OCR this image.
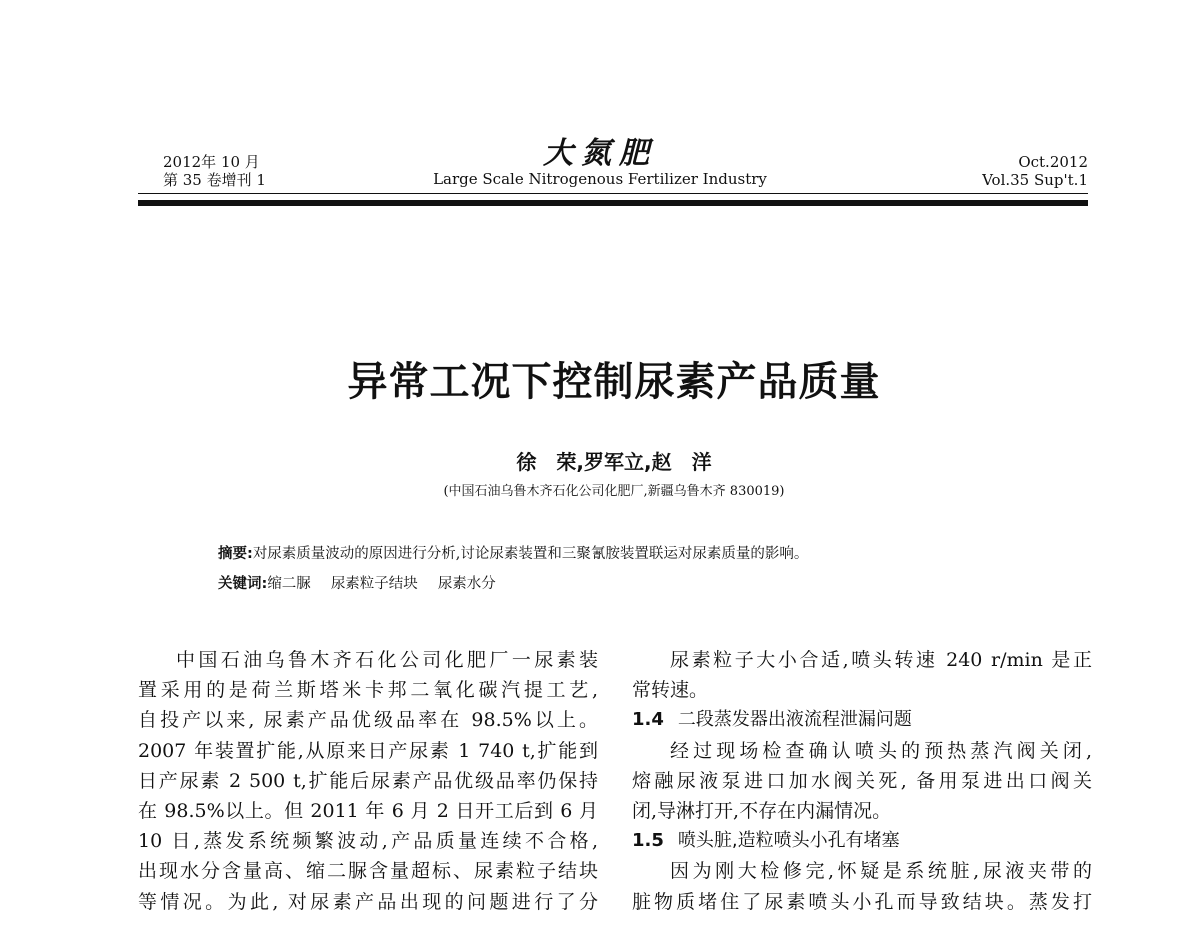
2012年 10 月
第 35 卷增刊 1
大氮肥
Large Scale Nitrogenous Fertilizer Industry
Oct.2012
Vol.35 Sup't.1
异常工况下控制尿素产品质量
徐　荣,罗军立,赵　洋
(中国石油乌鲁木齐石化公司化肥厂,新疆乌鲁木齐 830019)
摘要:对尿素质量波动的原因进行分析,讨论尿素装置和三聚氰胺装置联运对尿素质量的影响。
关键词:缩二脲 尿素粒子结块 尿素水分

中国石油乌鲁木齐石化公司化肥厂一尿素装

置采用的是荷兰斯塔米卡邦二氧化碳汽提工艺,

自投产以来, 尿素产品优级品率在 98.5%以上。

2007 年装置扩能,从原来日产尿素 1 740 t,扩能到

日产尿素 2 500 t,扩能后尿素产品优级品率仍保持

在 98.5%以上。但 2011 年 6 月 2 日开工后到 6 月

10 日,蒸发系统频繁波动,产品质量连续不合格,

出现水分含量高、缩二脲含量超标、尿素粒子结块

等情况。为此, 对尿素产品出现的问题进行了分

尿素粒子大小合适,喷头转速 240 r/min 是正

常转速。

1.4 二段蒸发器出液流程泄漏问题

经过现场检查确认喷头的预热蒸汽阀关闭,

熔融尿液泵进口加水阀关死, 备用泵进出口阀关

闭,导淋打开,不存在内漏情况。

1.5 喷头脏,造粒喷头小孔有堵塞

因为刚大检修完,怀疑是系统脏,尿液夹带的

脏物质堵住了尿素喷头小孔而导致结块。蒸发打
